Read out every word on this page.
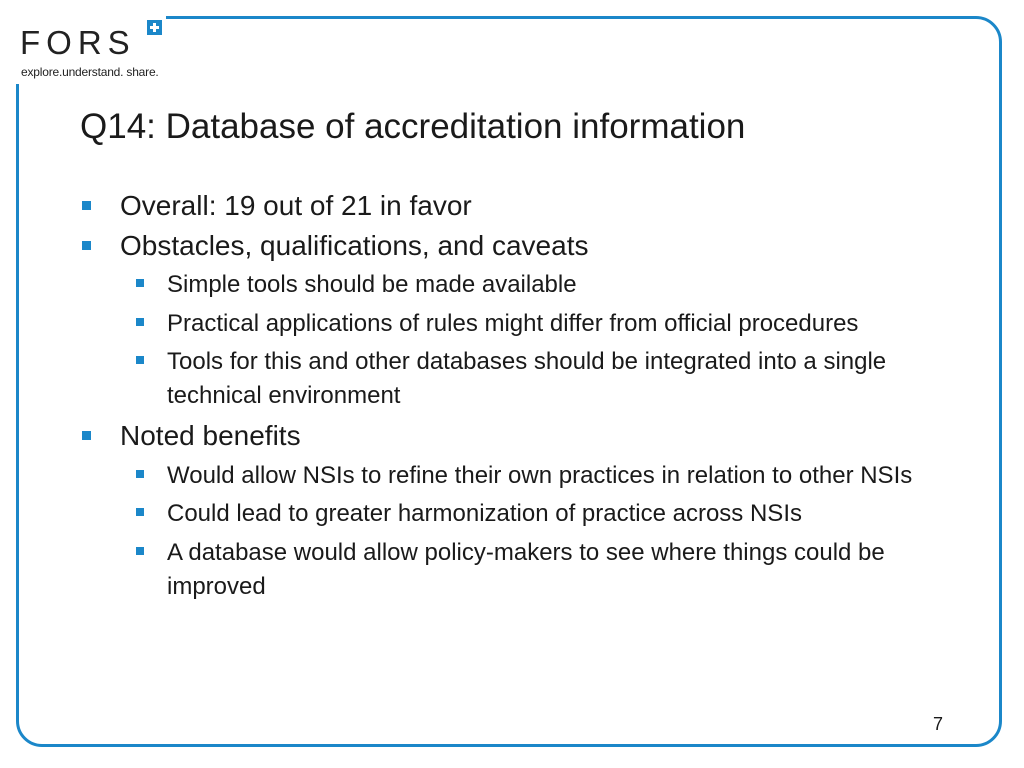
FORS
explore.understand. share.
Q14: Database of accreditation information
Overall: 19 out of 21 in favor
Obstacles, qualifications, and caveats
Simple tools should be made available
Practical applications of rules might differ from official procedures
Tools for this and other databases should be integrated into a single technical environment
Noted benefits
Would allow NSIs to refine their own practices in relation to other NSIs
Could lead to greater harmonization of practice across NSIs
A database would allow policy-makers to see where things could be improved
7
